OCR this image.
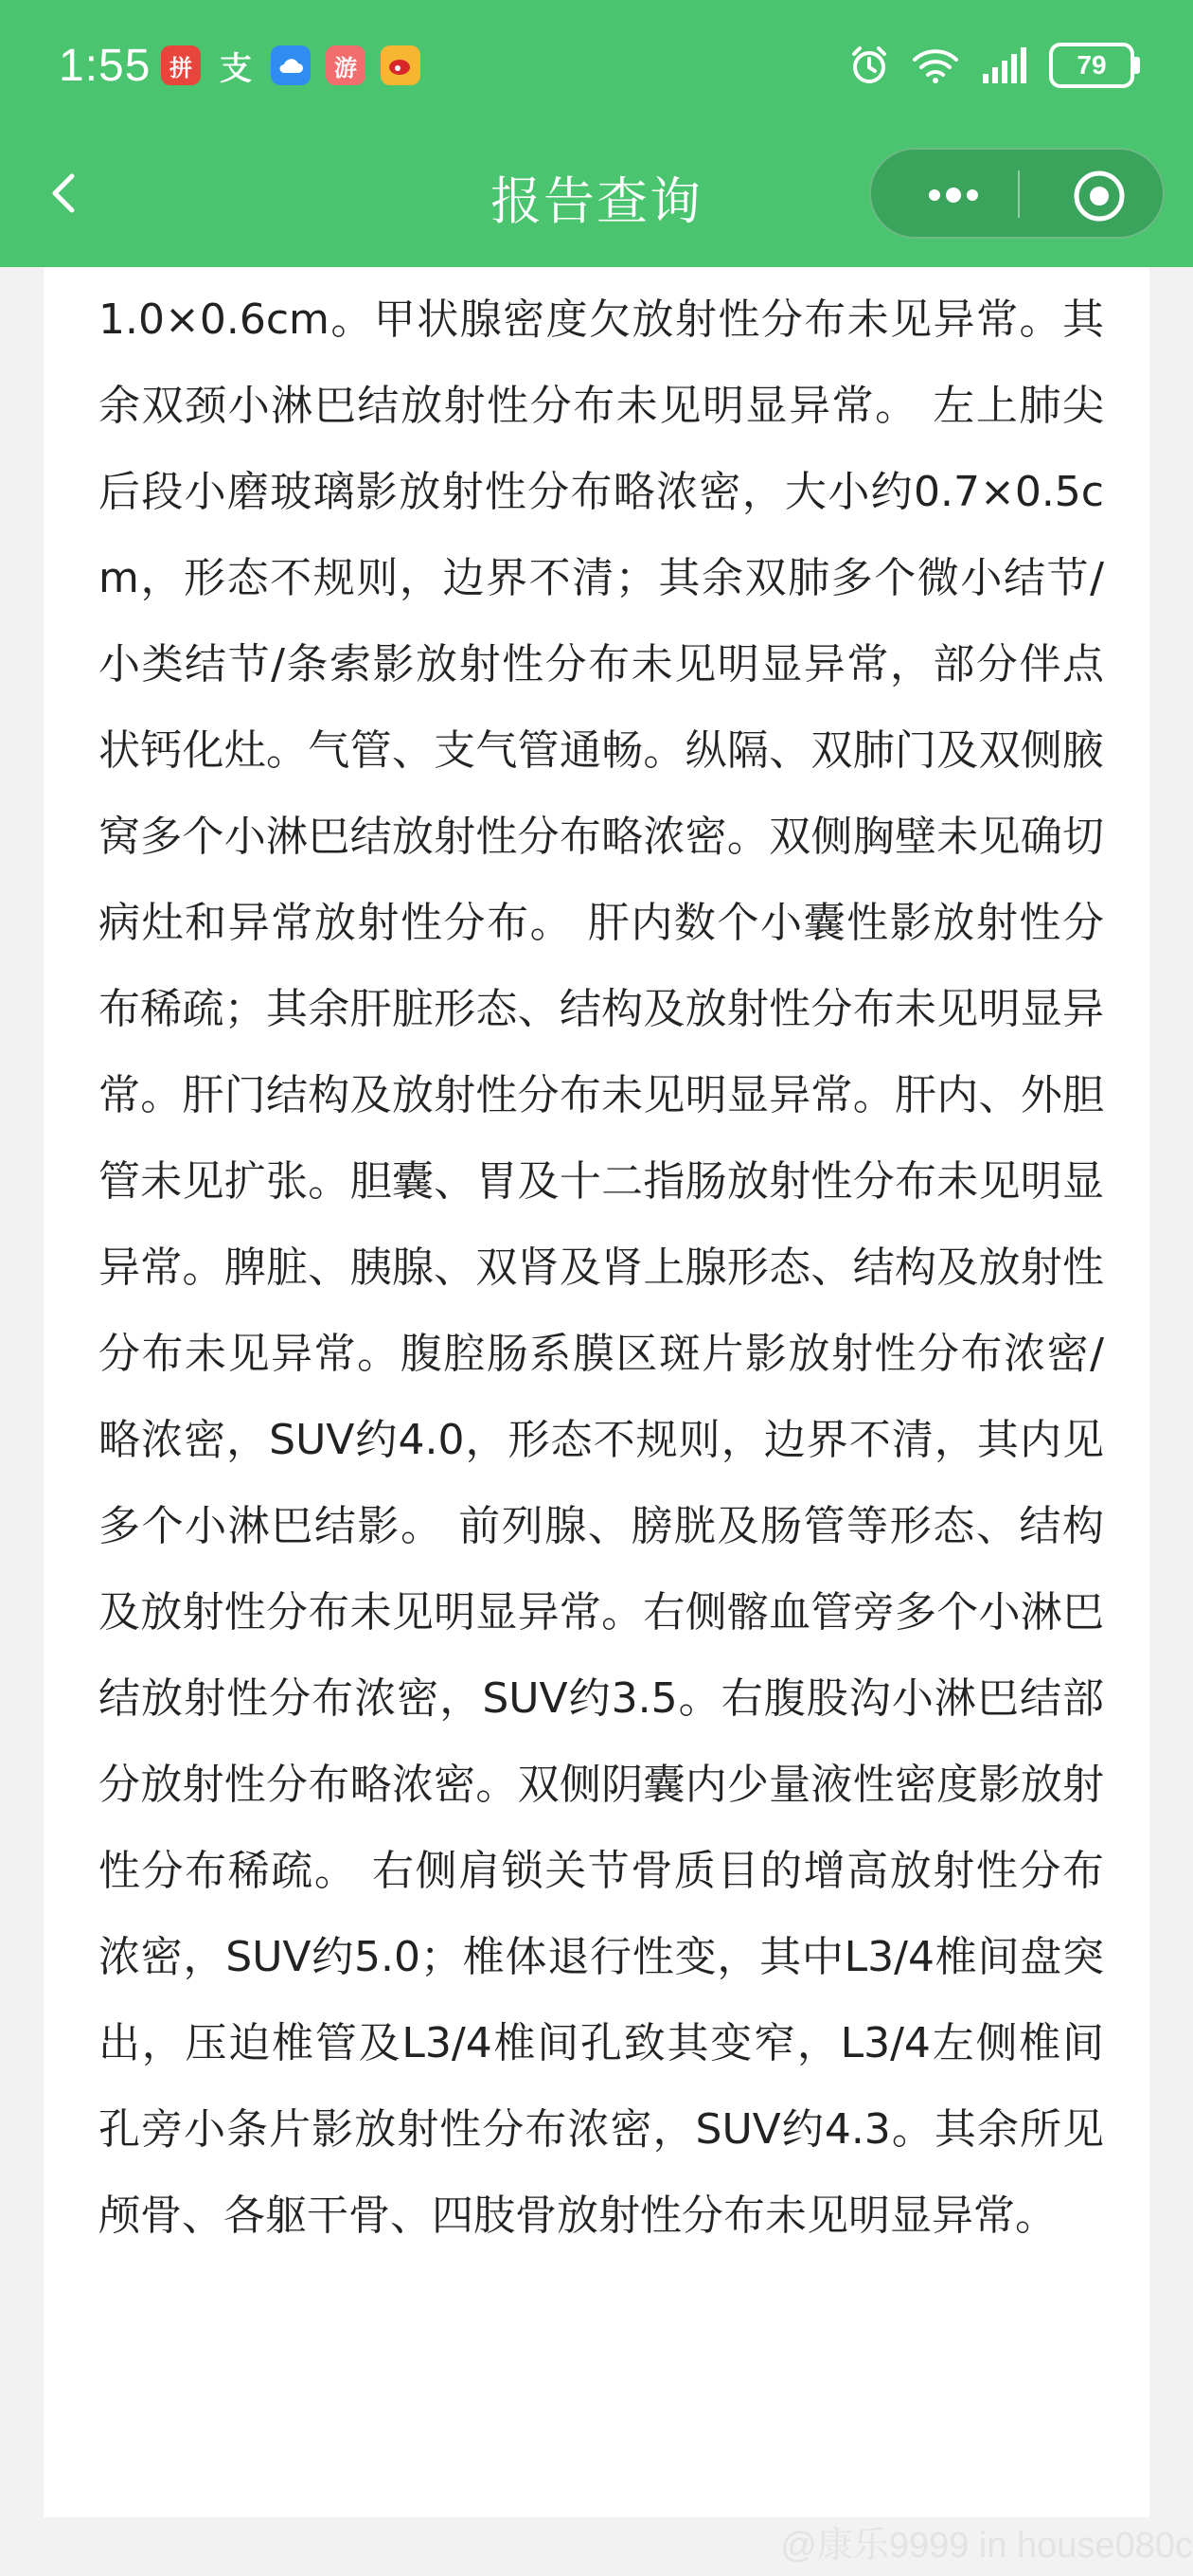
1:55 拼 支	游	79
报告查询

1.0×0.6cm。甲状腺密度欠放射性分布未见异常。其余双颈小淋巴结放射性分布未见明显异常。 左上肺尖后段小磨玻璃影放射性分布略浓密，大小约0.7×0.5cm，形态不规则，边界不清；其余双肺多个微小结节/小类结节/条索影放射性分布未见明显异常，部分伴点状钙化灶。气管、支气管通畅。纵隔、双肺门及双侧腋窝多个小淋巴结放射性分布略浓密。双侧胸壁未见确切病灶和异常放射性分布。 肝内数个小囊性影放射性分布稀疏；其余肝脏形态、结构及放射性分布未见明显异常。肝门结构及放射性分布未见明显异常。肝内、外胆管未见扩张。胆囊、胃及十二指肠放射性分布未见明显异常。脾脏、胰腺、双肾及肾上腺形态、结构及放射性分布未见异常。腹腔肠系膜区斑片影放射性分布浓密/略浓密，SUV约4.0，形态不规则，边界不清，其内见多个小淋巴结影。 前列腺、膀胱及肠管等形态、结构及放射性分布未见明显异常。右侧髂血管旁多个小淋巴结放射性分布浓密，SUV约3.5。右腹股沟小淋巴结部分放射性分布略浓密。双侧阴囊内少量液性密度影放射性分布稀疏。 右侧肩锁关节骨质目的增高放射性分布浓密，SUV约5.0；椎体退行性变，其中L3/4椎间盘突出，压迫椎管及L3/4椎间孔致其变窄，L3/4左侧椎间孔旁小条片影放射性分布浓密，SUV约4.3。其余所见颅骨、各躯干骨、四肢骨放射性分布未见明显异常。

@康乐9999 in house080c
